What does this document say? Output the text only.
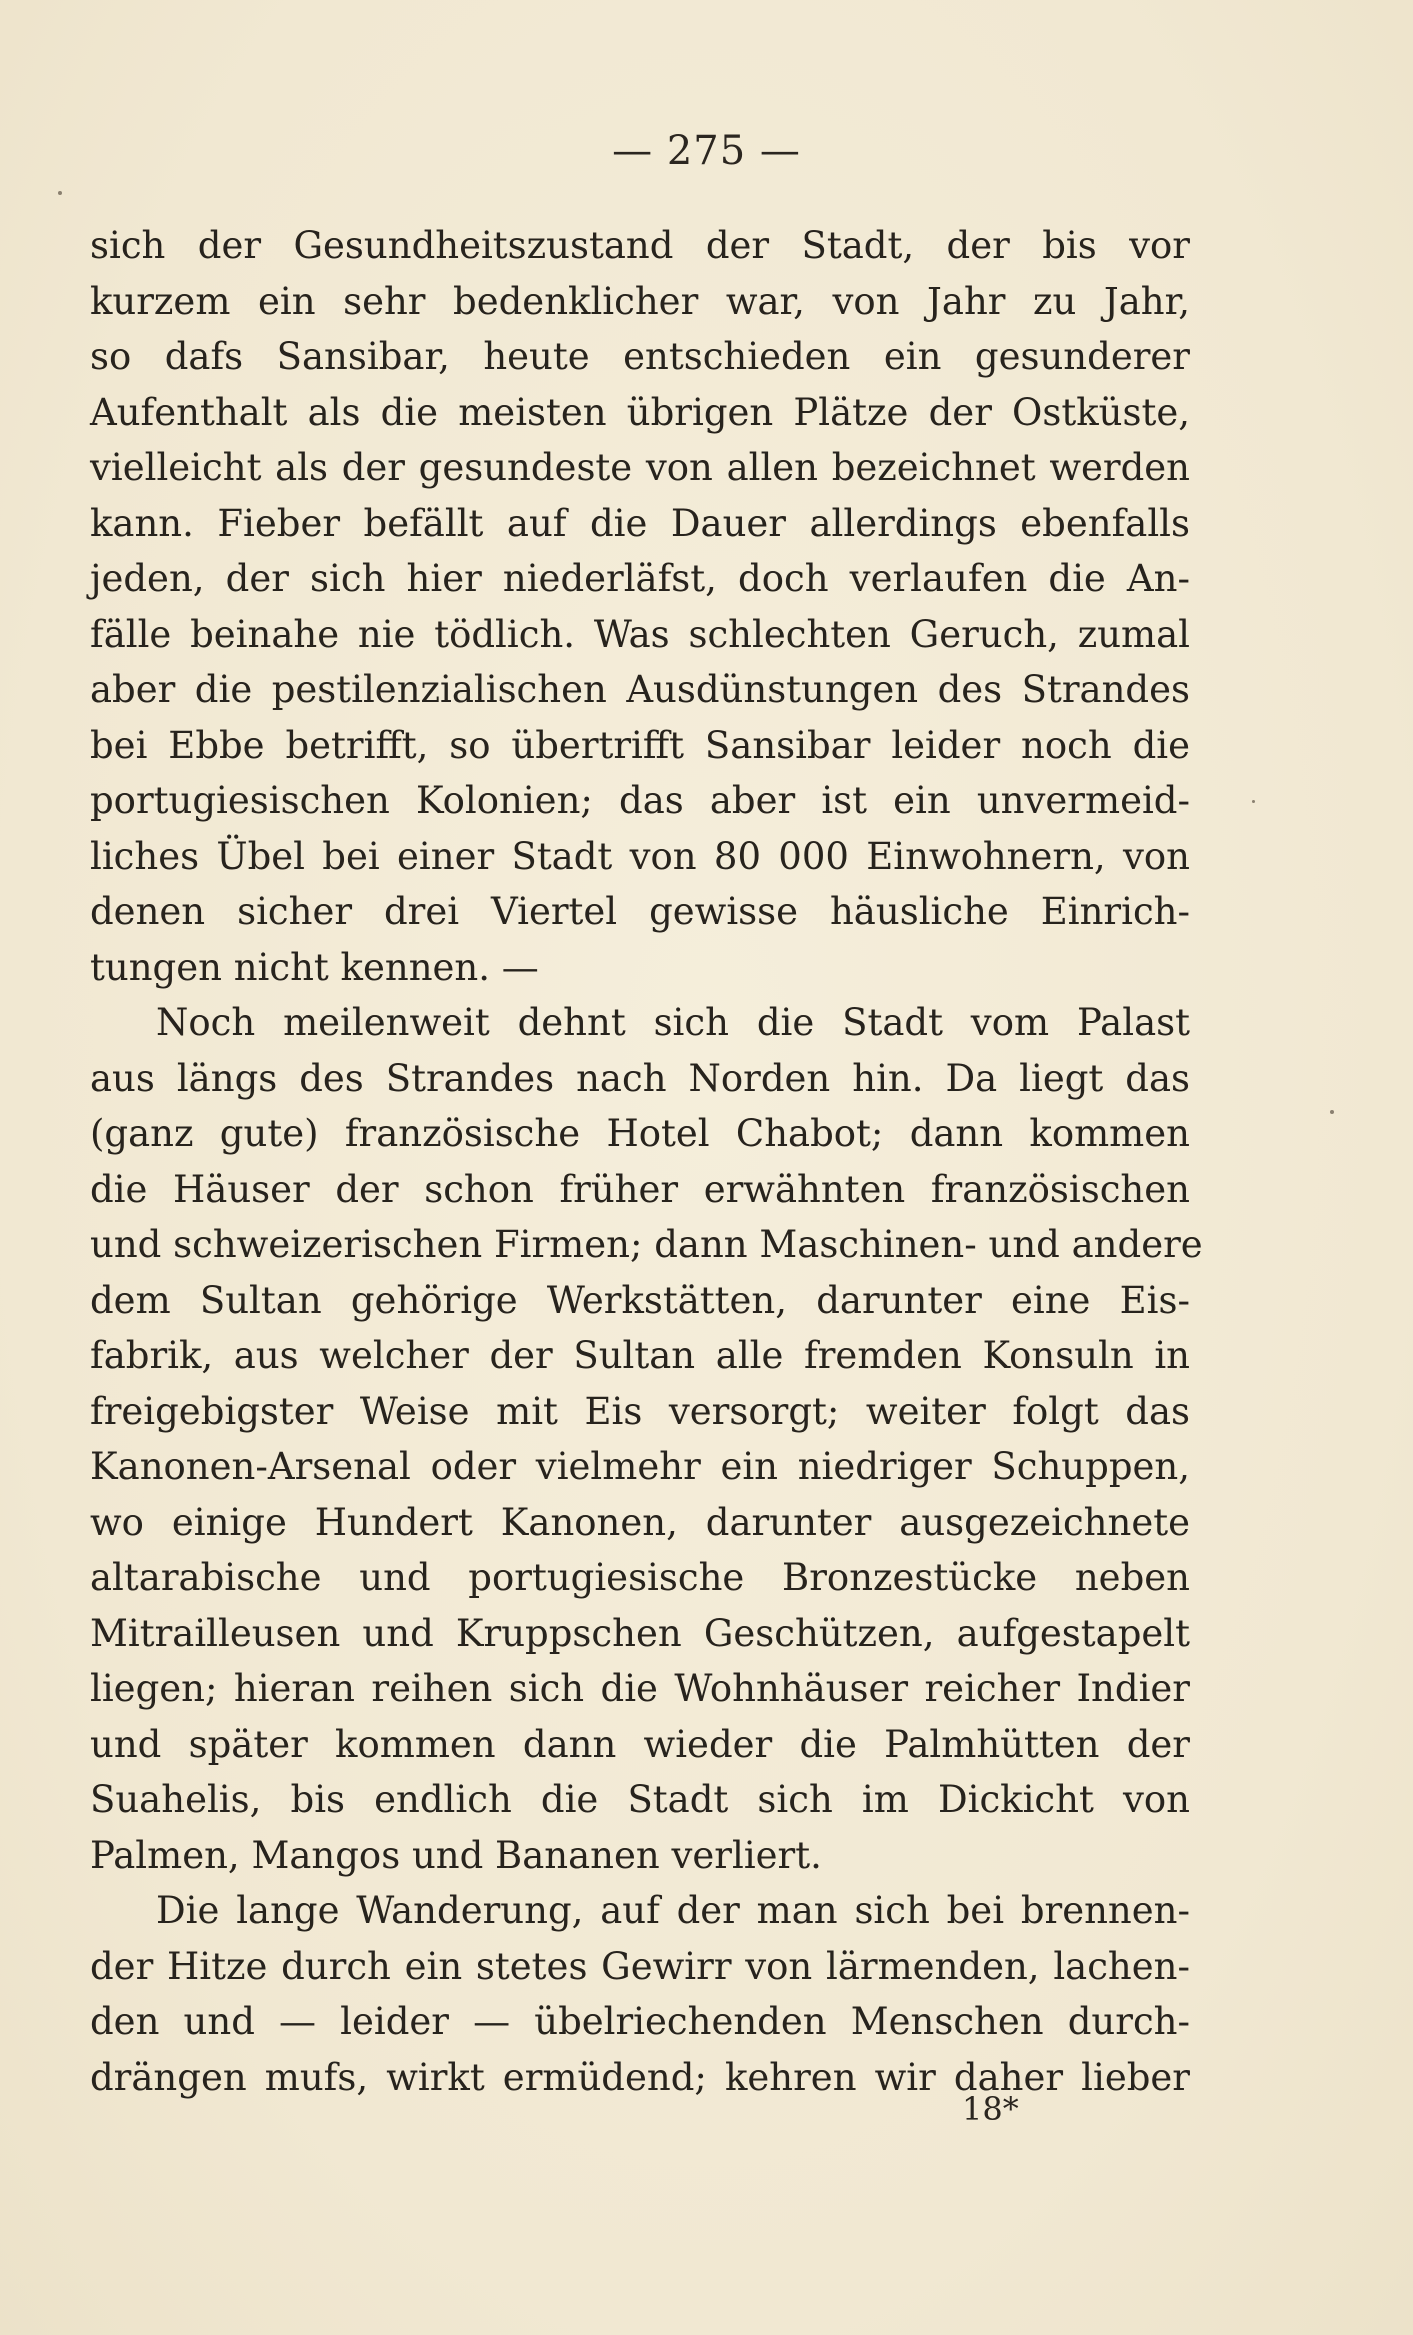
— 275 —
sich der Gesundheitszustand der Stadt, der bis vor
kurzem ein sehr bedenklicher war, von Jahr zu Jahr,
so dafs Sansibar, heute entschieden ein gesunderer
Aufenthalt als die meisten übrigen Plätze der Ostküste,
vielleicht als der gesundeste von allen bezeichnet werden
kann. Fieber befällt auf die Dauer allerdings ebenfalls
jeden, der sich hier niederläfst, doch verlaufen die An-
fälle beinahe nie tödlich. Was schlechten Geruch, zumal
aber die pestilenzialischen Ausdünstungen des Strandes
bei Ebbe betrifft, so übertrifft Sansibar leider noch die
portugiesischen Kolonien; das aber ist ein unvermeid-
liches Übel bei einer Stadt von 80 000 Einwohnern, von
denen sicher drei Viertel gewisse häusliche Einrich-
tungen nicht kennen. —
Noch meilenweit dehnt sich die Stadt vom Palast
aus längs des Strandes nach Norden hin. Da liegt das
(ganz gute) französische Hotel Chabot; dann kommen
die Häuser der schon früher erwähnten französischen
und schweizerischen Firmen; dann Maschinen- und andere
dem Sultan gehörige Werkstätten, darunter eine Eis-
fabrik, aus welcher der Sultan alle fremden Konsuln in
freigebigster Weise mit Eis versorgt; weiter folgt das
Kanonen-Arsenal oder vielmehr ein niedriger Schuppen,
wo einige Hundert Kanonen, darunter ausgezeichnete
altarabische und portugiesische Bronzestücke neben
Mitrailleusen und Kruppschen Geschützen, aufgestapelt
liegen; hieran reihen sich die Wohnhäuser reicher Indier
und später kommen dann wieder die Palmhütten der
Suahelis, bis endlich die Stadt sich im Dickicht von
Palmen, Mangos und Bananen verliert.
Die lange Wanderung, auf der man sich bei brennen-
der Hitze durch ein stetes Gewirr von lärmenden, lachen-
den und — leider — übelriechenden Menschen durch-
drängen mufs, wirkt ermüdend; kehren wir daher lieber
18*
